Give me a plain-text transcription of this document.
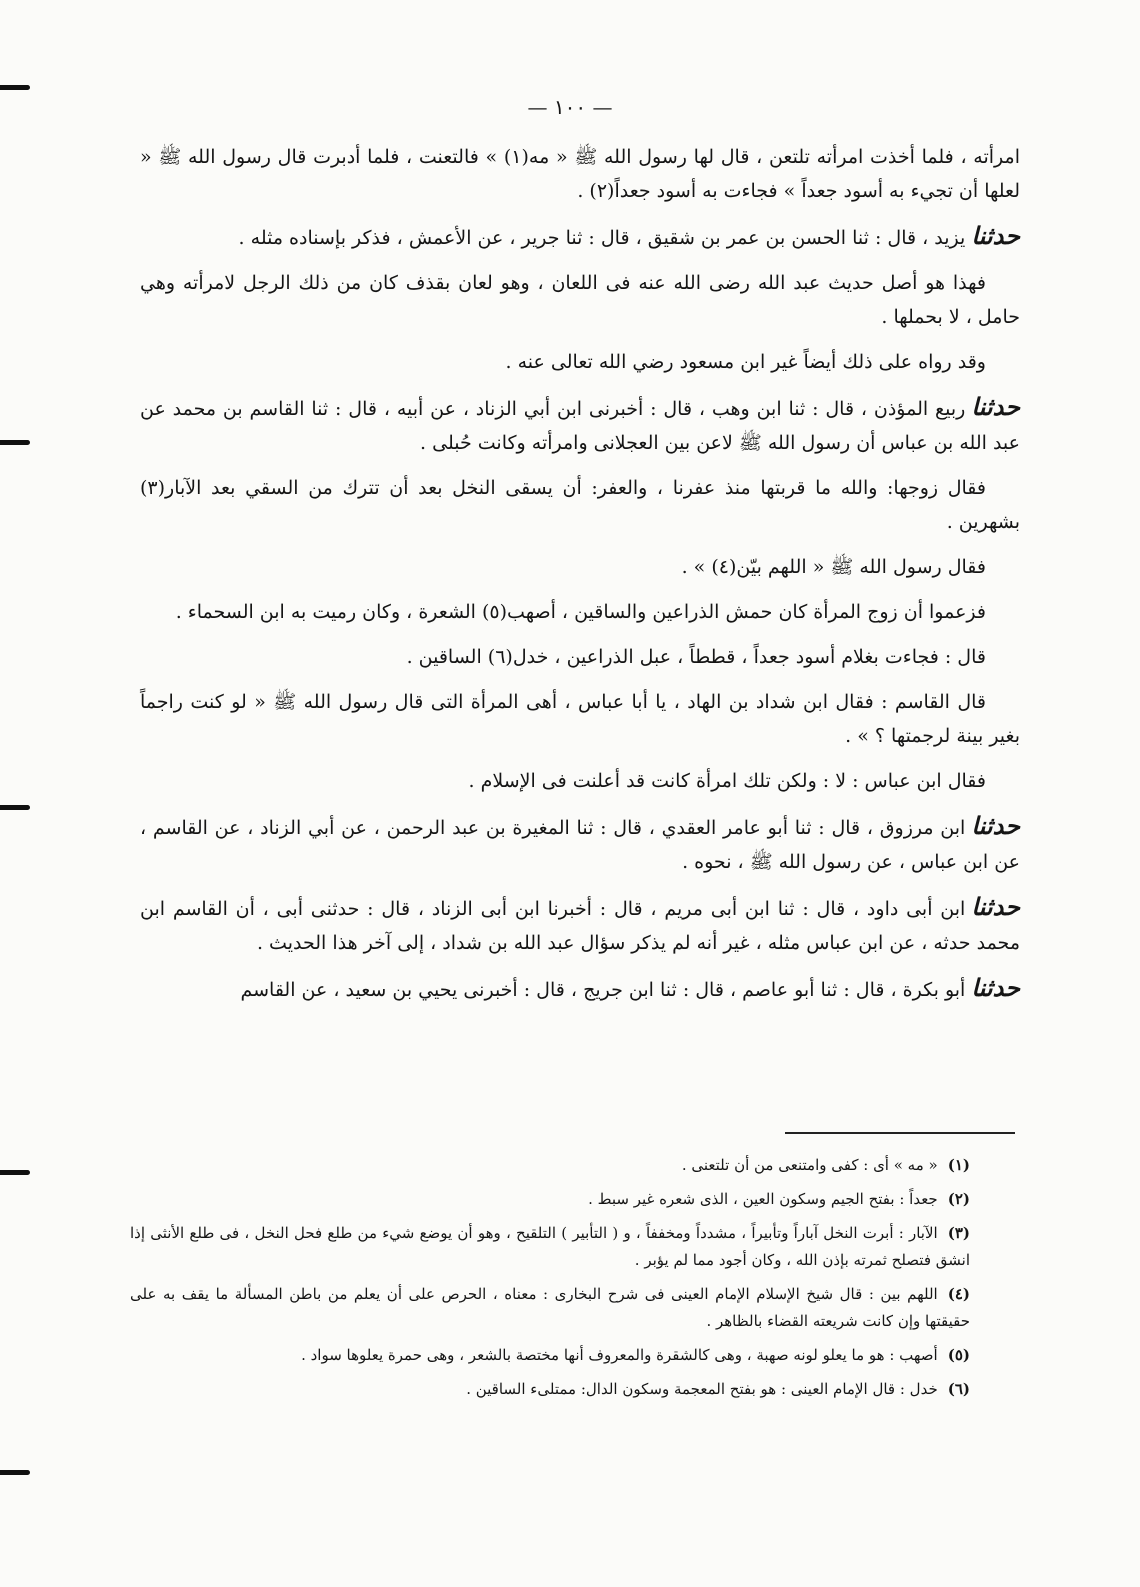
— ١٠٠ —

امرأته ، فلما أخذت امرأته تلتعن ، قال لها رسول الله ﷺ « مه(١) » فالتعنت ، فلما أدبرت قال رسول الله ﷺ « لعلها أن تجيء به أسود جعداً » فجاءت به أسود جعداً(٢) .

حدثنايزيد ، قال : ثنا الحسن بن عمر بن شقيق ، قال : ثنا جرير ، عن الأعمش ، فذكر بإسناده مثله .

فهذا هو أصل حديث عبد الله رضى الله عنه فى اللعان ، وهو لعان بقذف كان من ذلك الرجل لامرأته وهي حامل ، لا بحملها .

وقد رواه على ذلك أيضاً غير ابن مسعود رضي الله تعالى عنه .

حدثناربيع المؤذن ، قال : ثنا ابن وهب ، قال : أخبرنى ابن أبي الزناد ، عن أبيه ، قال : ثنا القاسم بن محمد عن عبد الله بن عباس أن رسول الله ﷺ لاعن بين العجلانى وامرأته وكانت حُبلى .

فقال زوجها: والله ما قربتها منذ عفرنا ، والعفر: أن يسقى النخل بعد أن تترك من السقي بعد الآبار(٣) بشهرين .

فقال رسول الله ﷺ « اللهم بيّن(٤) » .

فزعموا أن زوج المرأة كان حمش الذراعين والساقين ، أصهب(٥) الشعرة ، وكان رميت به ابن السحماء .

قال : فجاءت بغلام أسود جعداً ، قططاً ، عبل الذراعين ، خدل(٦) الساقين .

قال القاسم : فقال ابن شداد بن الهاد ، يا أبا عباس ، أهى المرأة التى قال رسول الله ﷺ « لو كنت راجماً بغير بينة لرجمتها ؟ » .

فقال ابن عباس : لا : ولكن تلك امرأة كانت قد أعلنت فى الإسلام .

حدثناابن مرزوق ، قال : ثنا أبو عامر العقدي ، قال : ثنا المغيرة بن عبد الرحمن ، عن أبي الزناد ، عن القاسم ، عن ابن عباس ، عن رسول الله ﷺ ، نحوه .

حدثناابن أبى داود ، قال : ثنا ابن أبى مريم ، قال : أخبرنا ابن أبى الزناد ، قال : حدثنى أبى ، أن القاسم ابن محمد حدثه ، عن ابن عباس مثله ، غير أنه لم يذكر سؤال عبد الله بن شداد ، إلى آخر هذا الحديث .

حدثناأبو بكرة ، قال : ثنا أبو عاصم ، قال : ثنا ابن جريج ، قال : أخبرنى يحيي بن سعيد ، عن القاسم

(١)« مه » أى : كفى وامتنعى من أن تلتعنى .

(٢)جعداً : بفتح الجيم وسكون العين ، الذى شعره غير سبط .

(٣)الآبار : أبرت النخل آباراً وتأبيراً ، مشدداً ومخففاً ، و ( التأبير ) التلقيح ، وهو أن يوضع شيء من طلع فحل النخل ، فى طلع الأنثى إذا انشق فتصلح ثمرته بإذن الله ، وكان أجود مما لم يؤبر .

(٤)اللهم بين : قال شيخ الإسلام الإمام العينى فى شرح البخارى : معناه ، الحرص على أن يعلم من باطن المسألة ما يقف به على حقيقتها وإن كانت شريعته القضاء بالظاهر .

(٥)أصهب : هو ما يعلو لونه صهبة ، وهى كالشقرة والمعروف أنها مختصة بالشعر ، وهى حمرة يعلوها سواد .

(٦)خدل : قال الإمام العينى : هو بفتح المعجمة وسكون الدال: ممتلىء الساقين .
